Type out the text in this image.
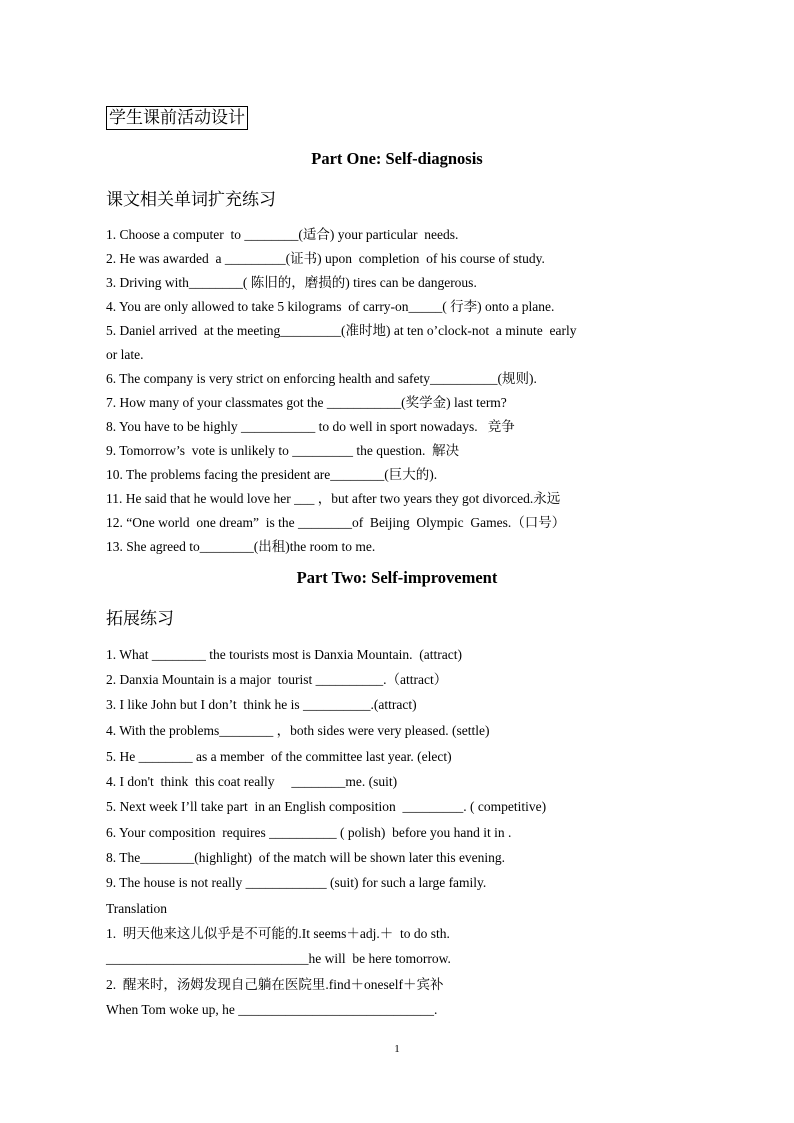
学生课前活动设计
Part One: Self-diagnosis
课文相关单词扩充练习
1. Choose a computer  to ________(适合) your particular  needs.
2. He was awarded  a _________(证书) upon  completion  of his course of study.
3. Driving with________( 陈旧的，磨损的) tires can be dangerous.
4. You are only allowed to take 5 kilograms  of carry-on_____( 行李) onto a plane.
5. Daniel arrived  at the meeting_________(准时地) at ten o’clock-not  a minute  early
or late.
6. The company is very strict on enforcing health and safety__________(规则).
7. How many of your classmates got the ___________(奖学金) last term?
8. You have to be highly ___________ to do well in sport nowadays.   竞争
9. Tomorrow’s  vote is unlikely to _________ the question.  解决
10. The problems facing the president are________(巨大的).
11. He said that he would love her ___ ，but after two years they got divorced.永远
12. “One world  one dream”  is the ________of  Beijing  Olympic  Games.（口号）
13. She agreed to________(出租)the room to me.
Part Two: Self-improvement
拓展练习
1. What ________ the tourists most is Danxia Mountain.  (attract)
2. Danxia Mountain is a major  tourist __________.（attract）
3. I like John but I don’t  think he is __________.(attract)
4. With the problems________ ，both sides were very pleased. (settle)
5. He ________ as a member  of the committee last year. (elect)
4. I don't  think  this coat really     ________me. (suit)
5. Next week I’ll take part  in an English composition  _________. ( competitive)
6. Your composition  requires __________ ( polish)  before you hand it in .
8. The________(highlight)  of the match will be shown later this evening.
9. The house is not really ____________ (suit) for such a large family.
Translation
1.  明天他来这儿似乎是不可能的.It seems＋adj.＋  to do sth.
______________________________he will  be here tomorrow.
2.  醒来时，汤姆发现自己躺在医院里.find＋oneself＋宾补
When Tom woke up, he _____________________________.
1
